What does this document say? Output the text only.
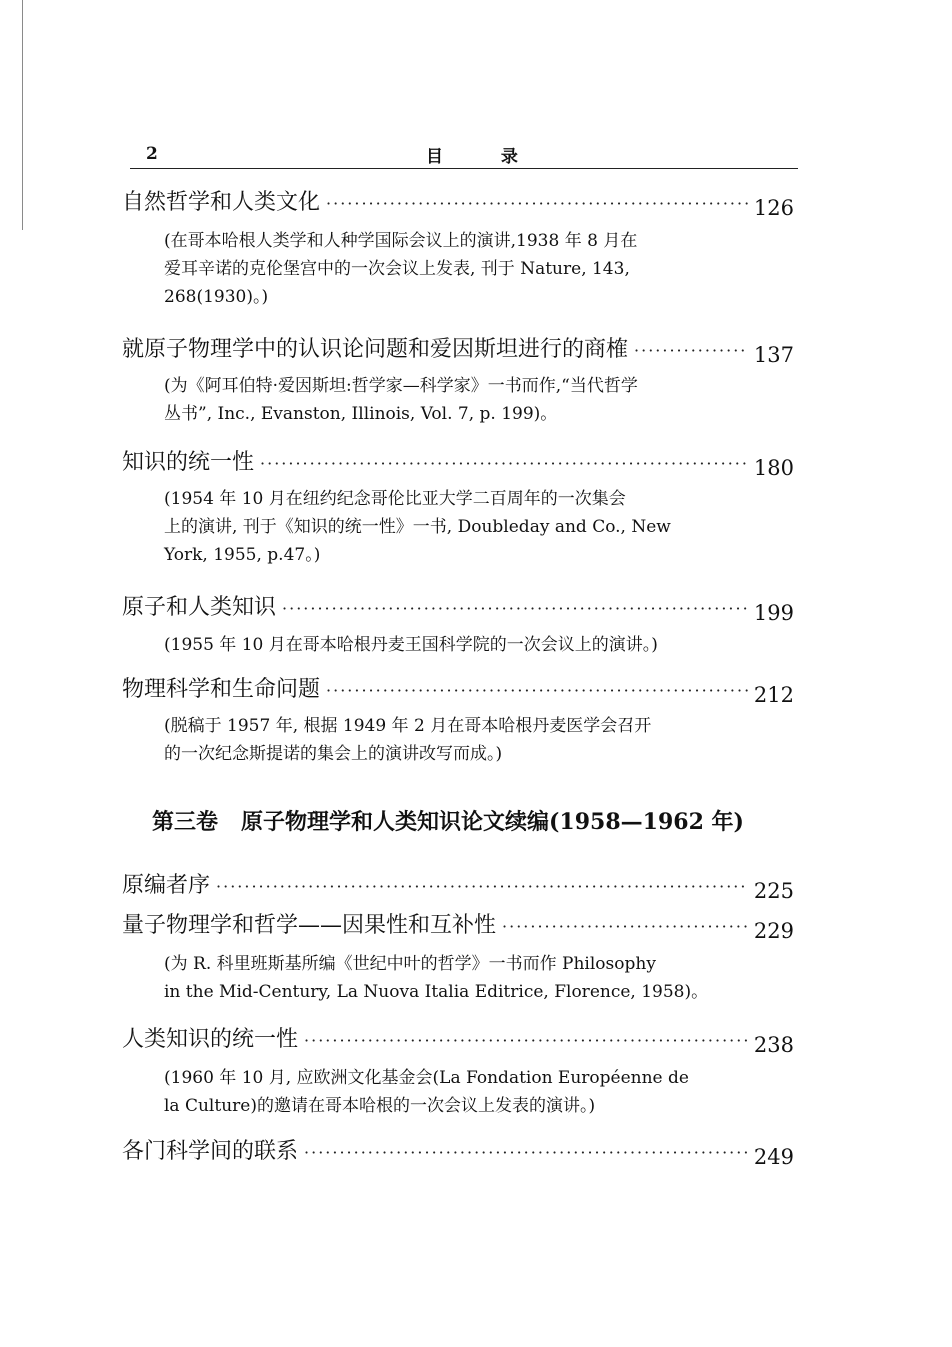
2	目 录
自然哲学和人类文化 ·····	126
(在哥本哈根人类学和人种学国际会议上的演讲,1938 年 8 月在
爱耳辛诺的克伦堡宫中的一次会议上发表, 刊于 Nature, 143,
268(1930)。)
就原子物理学中的认识论问题和爱因斯坦进行的商榷 ·····	137
(为《阿耳伯特·爱因斯坦:哲学家—科学家》一书而作,“当代哲学
丛书”, Inc., Evanston, Illinois, Vol. 7, p. 199)。
知识的统一性 ·····	180
(1954 年 10 月在纽约纪念哥伦比亚大学二百周年的一次集会
上的演讲, 刊于《知识的统一性》一书, Doubleday and Co., New
York, 1955, p.47。)
原子和人类知识 ·····	199
(1955 年 10 月在哥本哈根丹麦王国科学院的一次会议上的演讲。)
物理科学和生命问题 ·····	212
(脱稿于 1957 年, 根据 1949 年 2 月在哥本哈根丹麦医学会召开
的一次纪念斯提诺的集会上的演讲改写而成。)
第三卷 原子物理学和人类知识论文续编(1958—1962 年)
原编者序 ·····	225
量子物理学和哲学——因果性和互补性 ·····	229
(为 R. 科里班斯基所编《世纪中叶的哲学》一书而作 Philosophy
in the Mid-Century, La Nuova Italia Editrice, Florence, 1958)。
人类知识的统一性 ·····	238
(1960 年 10 月, 应欧洲文化基金会(La Fondation Européenne de
la Culture)的邀请在哥本哈根的一次会议上发表的演讲。)
各门科学间的联系 ·····	249
